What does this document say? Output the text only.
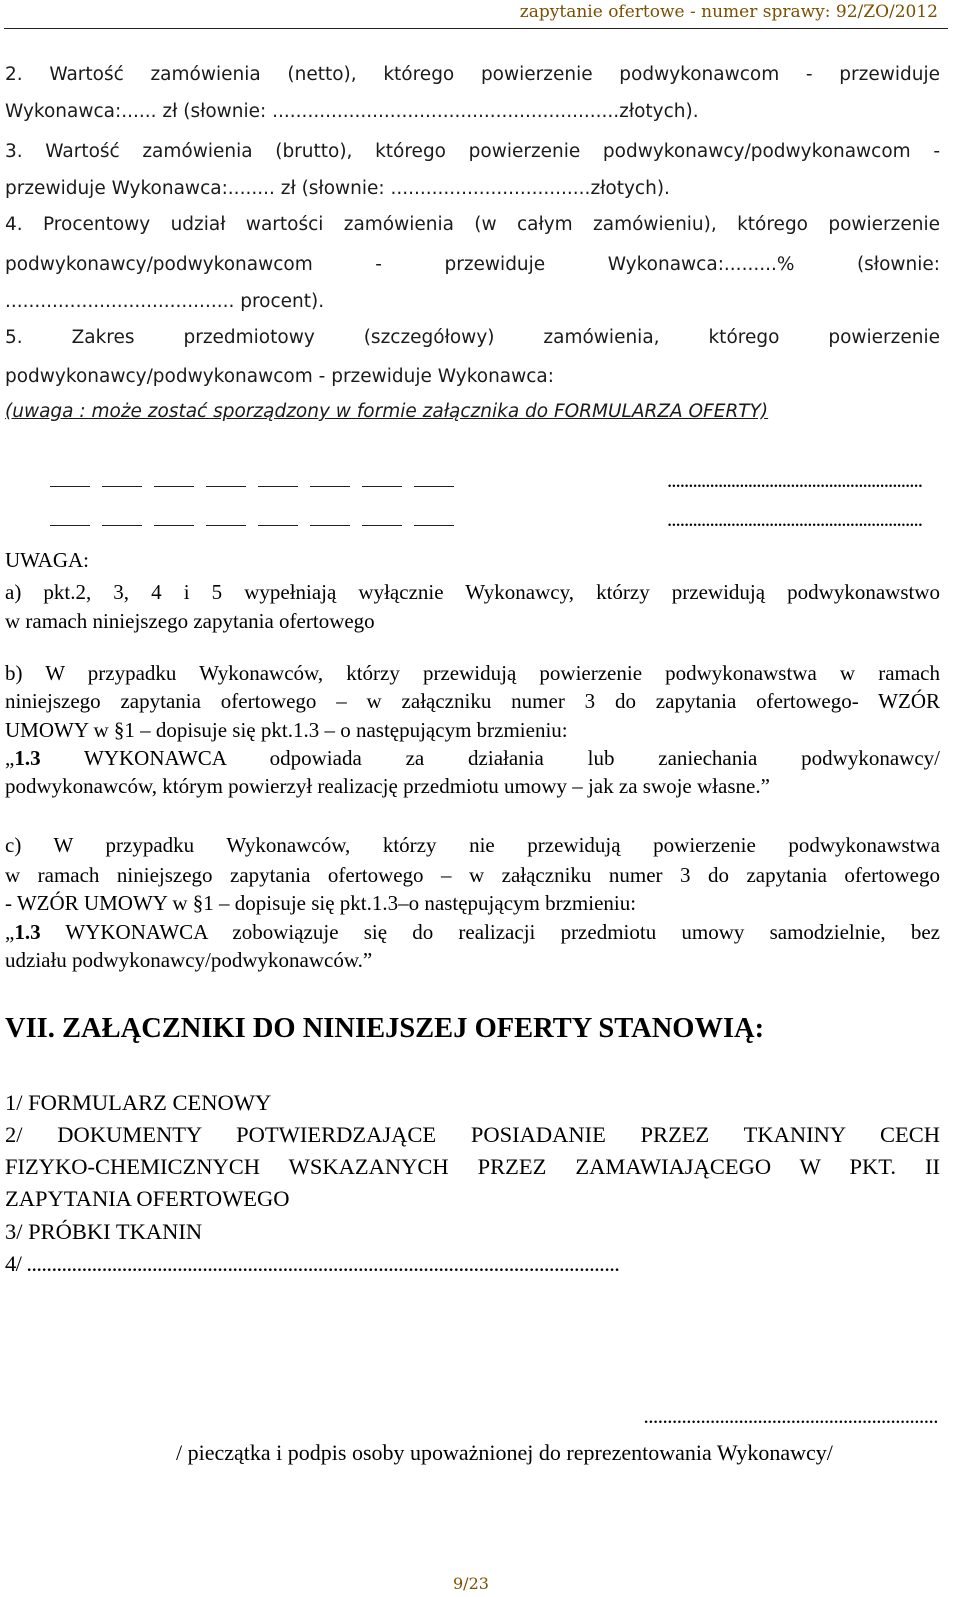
zapytanie ofertowe - numer sprawy: 92/ZO/2012
2. Wartość zamówienia (netto), którego powierzenie podwykonawcom - przewiduje
Wykonawca:...... zł (słownie: ...........................................................złotych).
3. Wartość zamówienia (brutto), którego powierzenie podwykonawcy/podwykonawcom -
przewiduje Wykonawca:........ zł (słownie: ..................................złotych).
4. Procentowy udział wartości zamówienia (w całym zamówieniu), którego powierzenie
podwykonawcy/podwykonawcom - przewiduje Wykonawca:.........% (słownie:
....................................... procent).
5. Zakres przedmiotowy (szczegółowy) zamówienia, którego powierzenie
podwykonawcy/podwykonawcom - przewiduje Wykonawca:
(uwaga : może zostać sporządzony w formie załącznika do FORMULARZA OFERTY)
............................................................
............................................................
UWAGA:
a) pkt.2, 3, 4 i 5 wypełniają wyłącznie Wykonawcy, którzy przewidują podwykonawstwo
w ramach niniejszego zapytania ofertowego
b) W przypadku Wykonawców, którzy przewidują powierzenie podwykonawstwa w ramach
niniejszego zapytania ofertowego – w załączniku numer 3 do zapytania ofertowego- WZÓR
UMOWY w §1 – dopisuje się pkt.1.3 – o następującym brzmieniu:
„1.3 WYKONAWCA odpowiada za działania lub zaniechania podwykonawcy/
podwykonawców, którym powierzył realizację przedmiotu umowy – jak za swoje własne.”
c) W przypadku Wykonawców, którzy nie przewidują powierzenie podwykonawstwa
w ramach niniejszego zapytania ofertowego – w załączniku numer 3 do zapytania ofertowego
- WZÓR UMOWY w §1 – dopisuje się pkt.1.3–o następującym brzmieniu:
„1.3 WYKONAWCA zobowiązuje się do realizacji przedmiotu umowy samodzielnie, bez
udziału podwykonawcy/podwykonawców.”
VII. ZAŁĄCZNIKI DO NINIEJSZEJ OFERTY STANOWIĄ:
1/ FORMULARZ CENOWY
2/ DOKUMENTY POTWIERDZAJĄCE POSIADANIE PRZEZ TKANINY CECH
FIZYKO-CHEMICZNYCH WSKAZANYCH PRZEZ ZAMAWIAJĄCEGO W PKT. II
ZAPYTANIA OFERTOWEGO
3/ PRÓBKI TKANIN
4/ ......................................................................................................................
..............................................................
/ pieczątka i podpis osoby upoważnionej do reprezentowania Wykonawcy/
9/23
